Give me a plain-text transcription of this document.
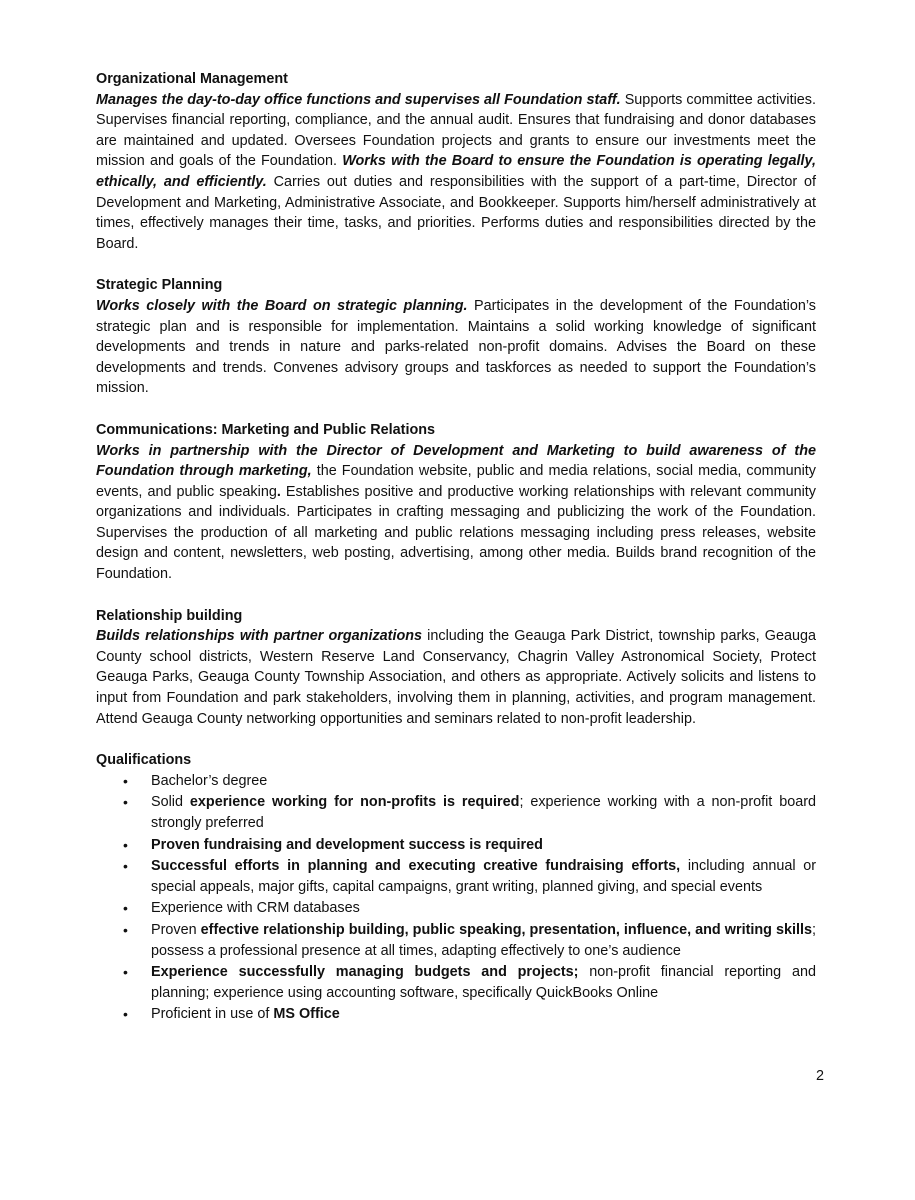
Organizational Management

Manages the day-to-day office functions and supervises all Foundation staff. Supports committee activities. Supervises financial reporting, compliance, and the annual audit. Ensures that fundraising and donor databases are maintained and updated. Oversees Foundation projects and grants to ensure our investments meet the mission and goals of the Foundation. Works with the Board to ensure the Foundation is operating legally, ethically, and efficiently. Carries out duties and responsibilities with the support of a part-time, Director of Development and Marketing, Administrative Associate, and Bookkeeper. Supports him/herself administratively at times, effectively manages their time, tasks, and priorities. Performs duties and responsibilities directed by the Board.

Strategic Planning

Works closely with the Board on strategic planning. Participates in the development of the Foundation’s strategic plan and is responsible for implementation. Maintains a solid working knowledge of significant developments and trends in nature and parks-related non-profit domains. Advises the Board on these developments and trends. Convenes advisory groups and taskforces as needed to support the Foundation’s mission.

Communications: Marketing and Public Relations

Works in partnership with the Director of Development and Marketing to build awareness of the Foundation through marketing, the Foundation website, public and media relations, social media, community events, and public speaking. Establishes positive and productive working relationships with relevant community organizations and individuals. Participates in crafting messaging and publicizing the work of the Foundation. Supervises the production of all marketing and public relations messaging including press releases, website design and content, newsletters, web posting, advertising, among other media. Builds brand recognition of the Foundation.

Relationship building

Builds relationships with partner organizations including the Geauga Park District, township parks, Geauga County school districts, Western Reserve Land Conservancy, Chagrin Valley Astronomical Society, Protect Geauga Parks, Geauga County Township Association, and others as appropriate. Actively solicits and listens to input from Foundation and park stakeholders, involving them in planning, activities, and program management. Attend Geauga County networking opportunities and seminars related to non-profit leadership.

Qualifications

• Bachelor’s degree
• Solid experience working for non-profits is required; experience working with a non-profit board strongly preferred
• Proven fundraising and development success is required
• Successful efforts in planning and executing creative fundraising efforts, including annual or special appeals, major gifts, capital campaigns, grant writing, planned giving, and special events
• Experience with CRM databases
• Proven effective relationship building, public speaking, presentation, influence, and writing skills; possess a professional presence at all times, adapting effectively to one’s audience
• Experience successfully managing budgets and projects; non-profit financial reporting and planning; experience using accounting software, specifically QuickBooks Online
• Proficient in use of MS Office
2
